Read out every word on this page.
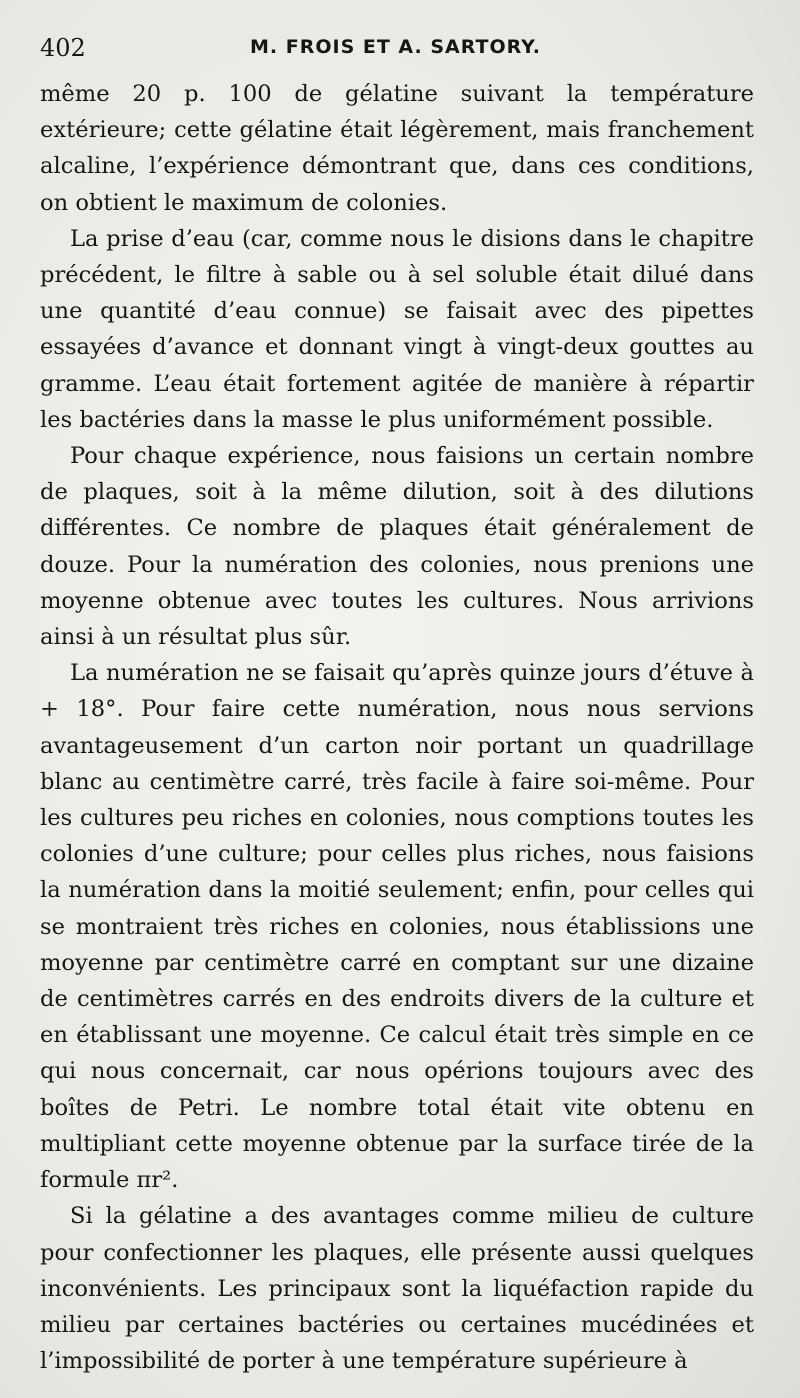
402	M. FROIS ET A. SARTORY.

même 20 p. 100 de gélatine suivant la température extérieure; cette gélatine était légèrement, mais franchement alcaline, l’expérience démontrant que, dans ces conditions, on obtient le maximum de colonies.

La prise d’eau (car, comme nous le disions dans le chapitre précédent, le filtre à sable ou à sel soluble était dilué dans une quantité d’eau connue) se faisait avec des pipettes essayées d’avance et donnant vingt à vingt-deux gouttes au gramme. L’eau était fortement agitée de manière à répartir les bactéries dans la masse le plus uniformément possible.

Pour chaque expérience, nous faisions un certain nombre de plaques, soit à la même dilution, soit à des dilutions différentes. Ce nombre de plaques était généralement de douze. Pour la numération des colonies, nous prenions une moyenne obtenue avec toutes les cultures. Nous arrivions ainsi à un résultat plus sûr.

La numération ne se faisait qu’après quinze jours d’étuve à + 18°. Pour faire cette numération, nous nous servions avantageusement d’un carton noir portant un quadrillage blanc au centimètre carré, très facile à faire soi-même. Pour les cultures peu riches en colonies, nous comptions toutes les colonies d’une culture; pour celles plus riches, nous faisions la numération dans la moitié seulement; enfin, pour celles qui se montraient très riches en colonies, nous établissions une moyenne par centimètre carré en comptant sur une dizaine de centimètres carrés en des endroits divers de la culture et en établissant une moyenne. Ce calcul était très simple en ce qui nous concernait, car nous opérions toujours avec des boîtes de Petri. Le nombre total était vite obtenu en multipliant cette moyenne obtenue par la surface tirée de la formule πr².

Si la gélatine a des avantages comme milieu de culture pour confectionner les plaques, elle présente aussi quelques inconvénients. Les principaux sont la liquéfaction rapide du milieu par certaines bactéries ou certaines mucédinées et l’impossibilité de porter à une température supérieure à
